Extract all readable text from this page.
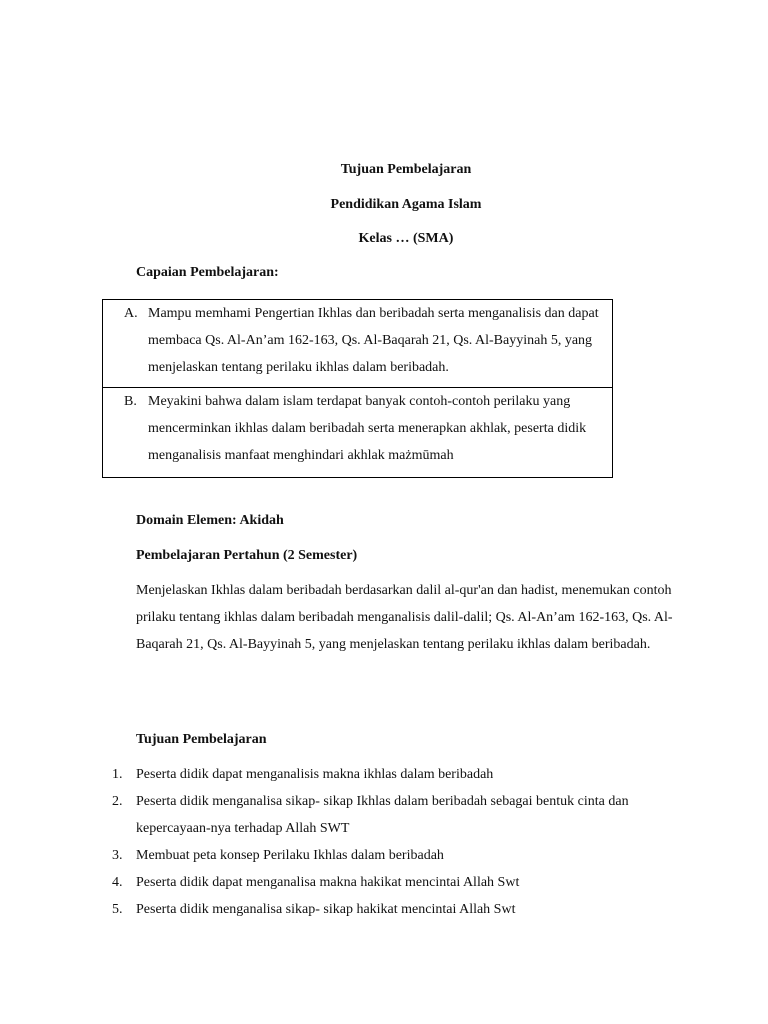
Tujuan Pembelajaran
Pendidikan Agama Islam
Kelas … (SMA)
Capaian Pembelajaran:
A. Mampu memhami Pengertian Ikhlas dan beribadah serta menganalisis dan dapat membaca Qs. Al-An’am 162-163, Qs. Al-Baqarah 21, Qs. Al-Bayyinah 5, yang menjelaskan tentang perilaku ikhlas dalam beribadah.
B. Meyakini bahwa dalam islam terdapat banyak contoh-contoh perilaku yang mencerminkan ikhlas dalam beribadah serta menerapkan akhlak, peserta didik menganalisis manfaat menghindari akhlak mażmūmah
Domain Elemen: Akidah
Pembelajaran Pertahun (2 Semester)
Menjelaskan Ikhlas dalam beribadah berdasarkan dalil al-qur'an dan hadist, menemukan contoh prilaku tentang ikhlas dalam beribadah menganalisis dalil-dalil; Qs. Al-An’am 162-163, Qs. Al-Baqarah 21, Qs. Al-Bayyinah 5, yang menjelaskan tentang perilaku ikhlas dalam beribadah.
Tujuan Pembelajaran
1. Peserta didik dapat menganalisis makna ikhlas dalam beribadah
2. Peserta didik menganalisa sikap- sikap Ikhlas dalam beribadah sebagai bentuk cinta dan kepercayaan-nya terhadap Allah SWT
3. Membuat peta konsep Perilaku Ikhlas dalam beribadah
4. Peserta didik dapat menganalisa makna hakikat mencintai Allah Swt
5. Peserta didik menganalisa sikap- sikap hakikat mencintai Allah Swt
